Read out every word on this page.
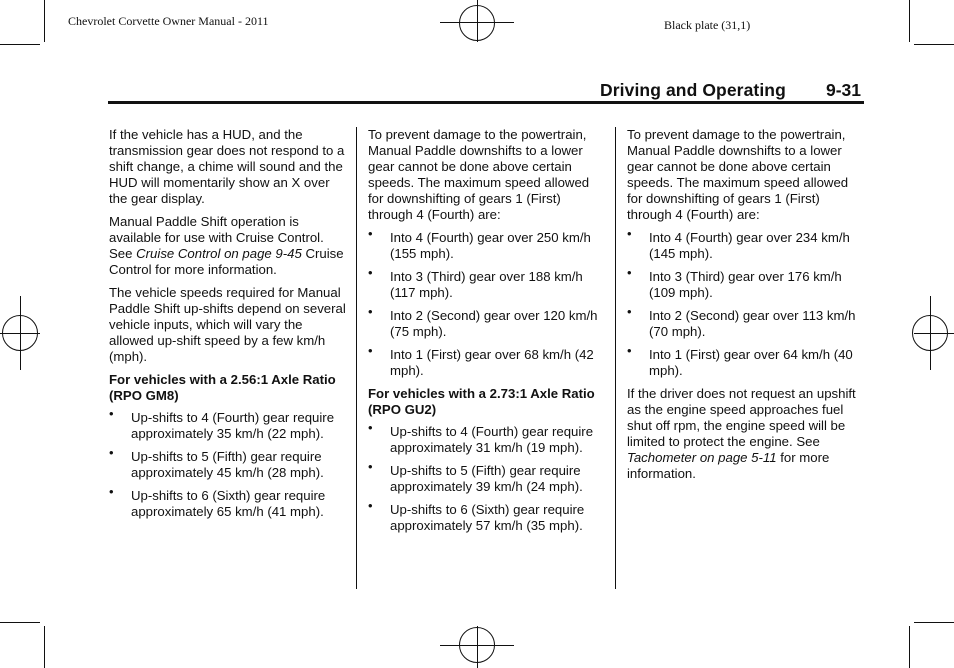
Chevrolet Corvette Owner Manual - 2011	Black plate (31,1)
Driving and Operating 9-31

If the vehicle has a HUD, and the transmission gear does not respond to a shift change, a chime will sound and the HUD will momentarily show an X over the gear display.

Manual Paddle Shift operation is available for use with Cruise Control. See Cruise Control on page 9-45 Cruise Control for more information.

The vehicle speeds required for Manual Paddle Shift up-shifts depend on several vehicle inputs, which will vary the allowed up-shift speed by a few km/h (mph).

For vehicles with a 2.56:1 Axle Ratio (RPO GM8)

• Up-shifts to 4 (Fourth) gear require approximately 35 km/h (22 mph).
• Up-shifts to 5 (Fifth) gear require approximately 45 km/h (28 mph).
• Up-shifts to 6 (Sixth) gear require approximately 65 km/h (41 mph).

To prevent damage to the powertrain, Manual Paddle downshifts to a lower gear cannot be done above certain speeds. The maximum speed allowed for downshifting of gears 1 (First) through 4 (Fourth) are:

• Into 4 (Fourth) gear over 250 km/h (155 mph).
• Into 3 (Third) gear over 188 km/h (117 mph).
• Into 2 (Second) gear over 120 km/h (75 mph).
• Into 1 (First) gear over 68 km/h (42 mph).

For vehicles with a 2.73:1 Axle Ratio (RPO GU2)

• Up-shifts to 4 (Fourth) gear require approximately 31 km/h (19 mph).
• Up-shifts to 5 (Fifth) gear require approximately 39 km/h (24 mph).
• Up-shifts to 6 (Sixth) gear require approximately 57 km/h (35 mph).

To prevent damage to the powertrain, Manual Paddle downshifts to a lower gear cannot be done above certain speeds. The maximum speed allowed for downshifting of gears 1 (First) through 4 (Fourth) are:

• Into 4 (Fourth) gear over 234 km/h (145 mph).
• Into 3 (Third) gear over 176 km/h (109 mph).
• Into 2 (Second) gear over 113 km/h (70 mph).
• Into 1 (First) gear over 64 km/h (40 mph).

If the driver does not request an upshift as the engine speed approaches fuel shut off rpm, the engine speed will be limited to protect the engine. See Tachometer on page 5-11 for more information.
